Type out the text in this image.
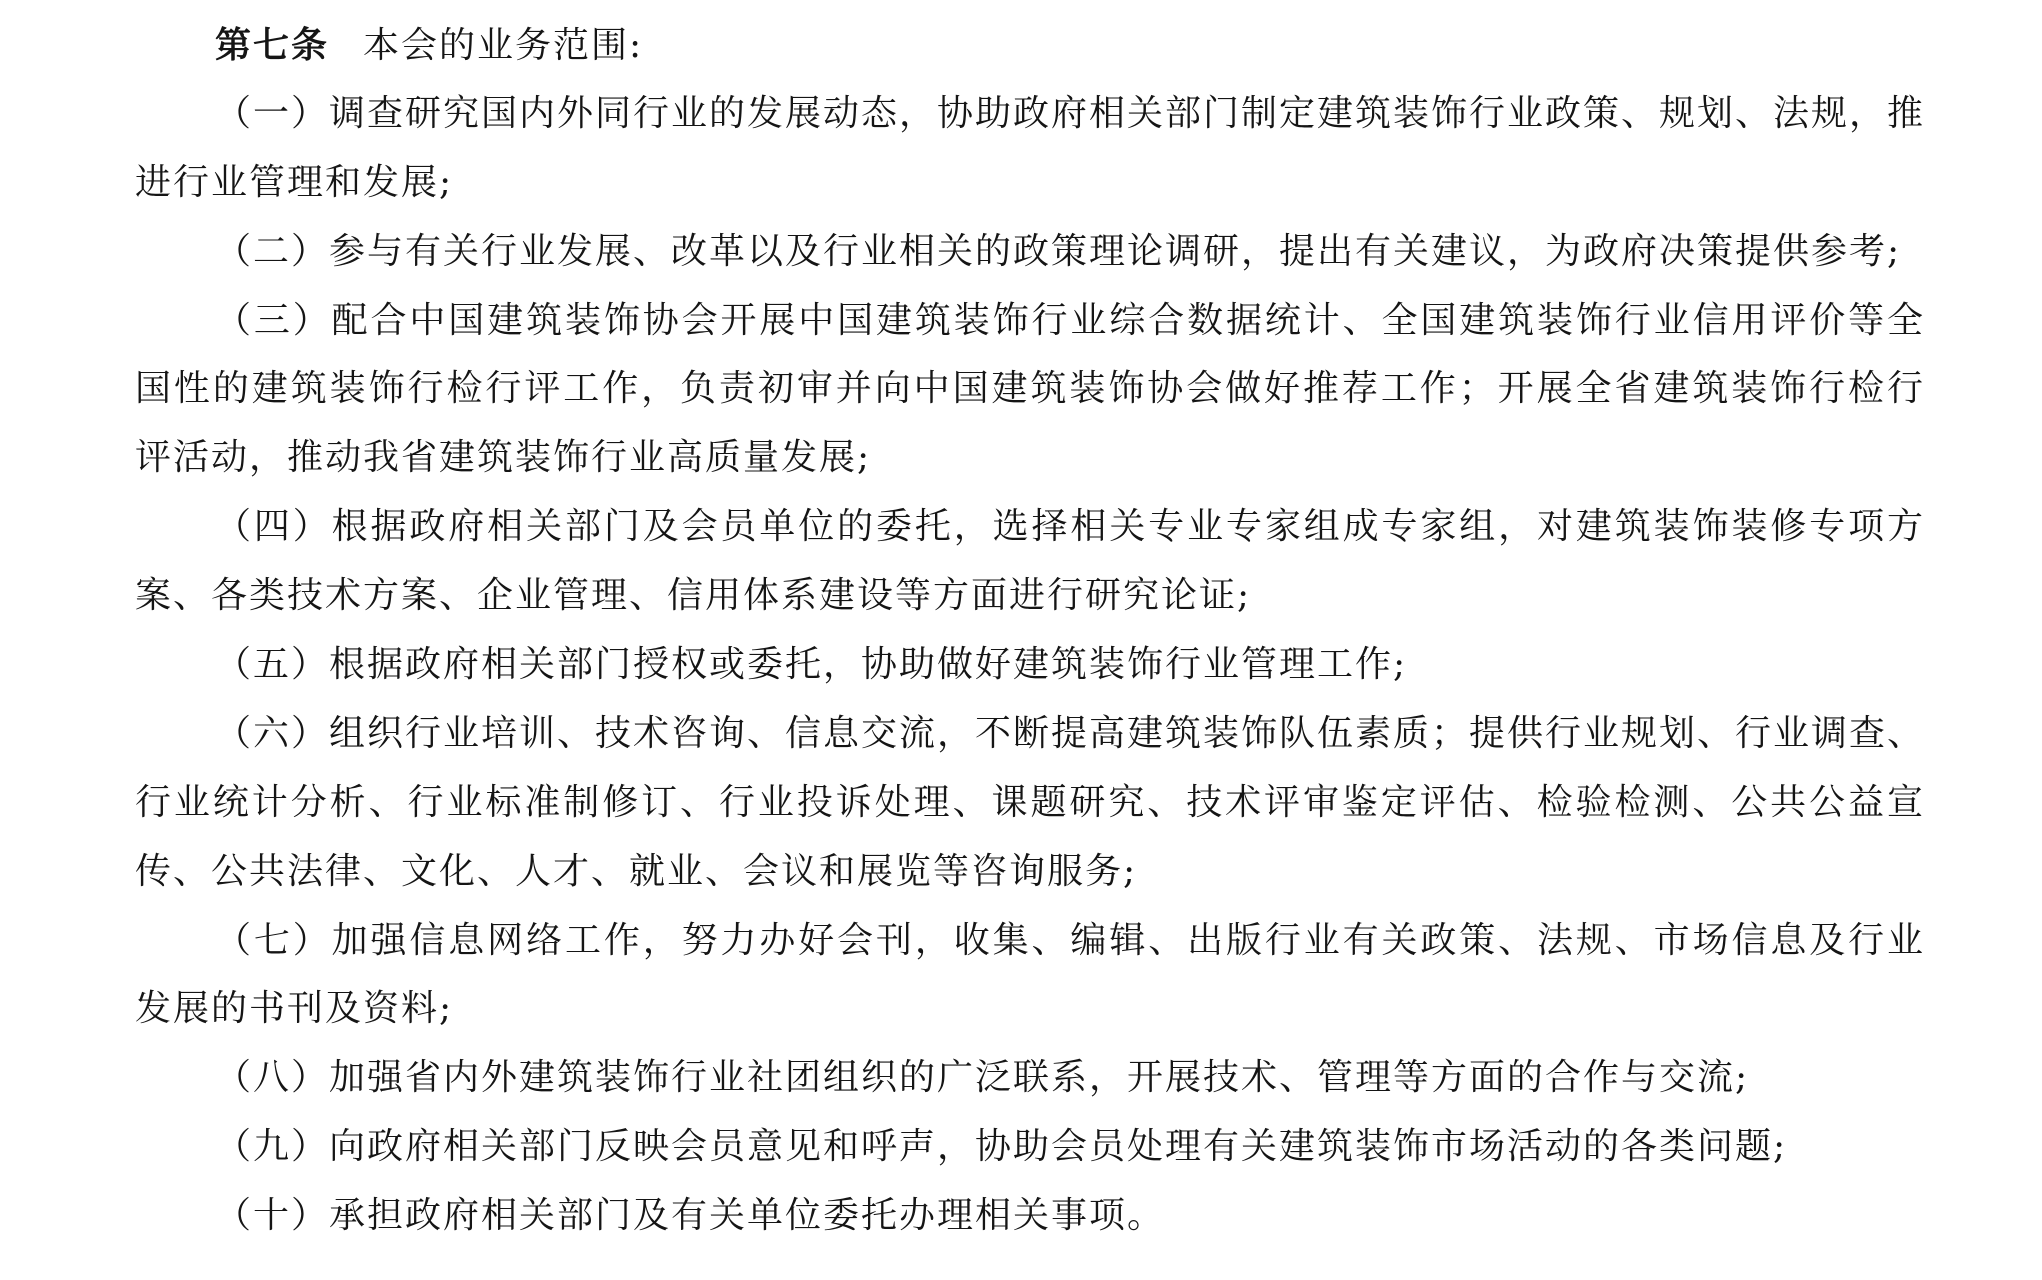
第七条 本会的业务范围:
（一）调查研究国内外同行业的发展动态，协助政府相关部门制定建筑装饰行业政策、规划、法规，推
进行业管理和发展;
（二）参与有关行业发展、改革以及行业相关的政策理论调研，提出有关建议，为政府决策提供参考;
（三）配合中国建筑装饰协会开展中国建筑装饰行业综合数据统计、全国建筑装饰行业信用评价等全
国性的建筑装饰行检行评工作，负责初审并向中国建筑装饰协会做好推荐工作；开展全省建筑装饰行检行
评活动，推动我省建筑装饰行业高质量发展;
（四）根据政府相关部门及会员单位的委托，选择相关专业专家组成专家组，对建筑装饰装修专项方
案、各类技术方案、企业管理、信用体系建设等方面进行研究论证;
（五）根据政府相关部门授权或委托，协助做好建筑装饰行业管理工作;
（六）组织行业培训、技术咨询、信息交流，不断提高建筑装饰队伍素质；提供行业规划、行业调查、
行业统计分析、行业标准制修订、行业投诉处理、课题研究、技术评审鉴定评估、检验检测、公共公益宣
传、公共法律、文化、人才、就业、会议和展览等咨询服务;
（七）加强信息网络工作，努力办好会刊，收集、编辑、出版行业有关政策、法规、市场信息及行业
发展的书刊及资料;
（八）加强省内外建筑装饰行业社团组织的广泛联系，开展技术、管理等方面的合作与交流;
（九）向政府相关部门反映会员意见和呼声，协助会员处理有关建筑装饰市场活动的各类问题;
（十）承担政府相关部门及有关单位委托办理相关事项。
